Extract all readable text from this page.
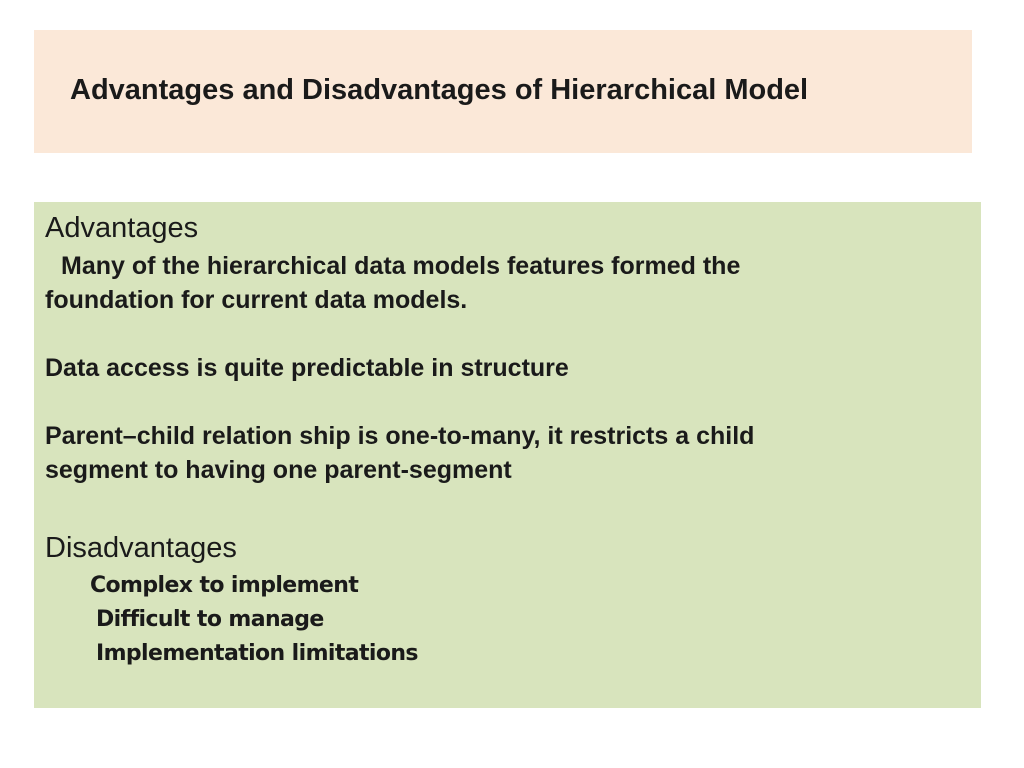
Advantages and Disadvantages of Hierarchical Model

Advantages

Many of the hierarchical data models features formed the

foundation for current data models.

Data access is quite predictable in structure

Parent–child relation ship is one-to-many, it restricts a child

segment to having one parent-segment

Disadvantages

Complex to implement

Difficult to manage

Implementation limitations
